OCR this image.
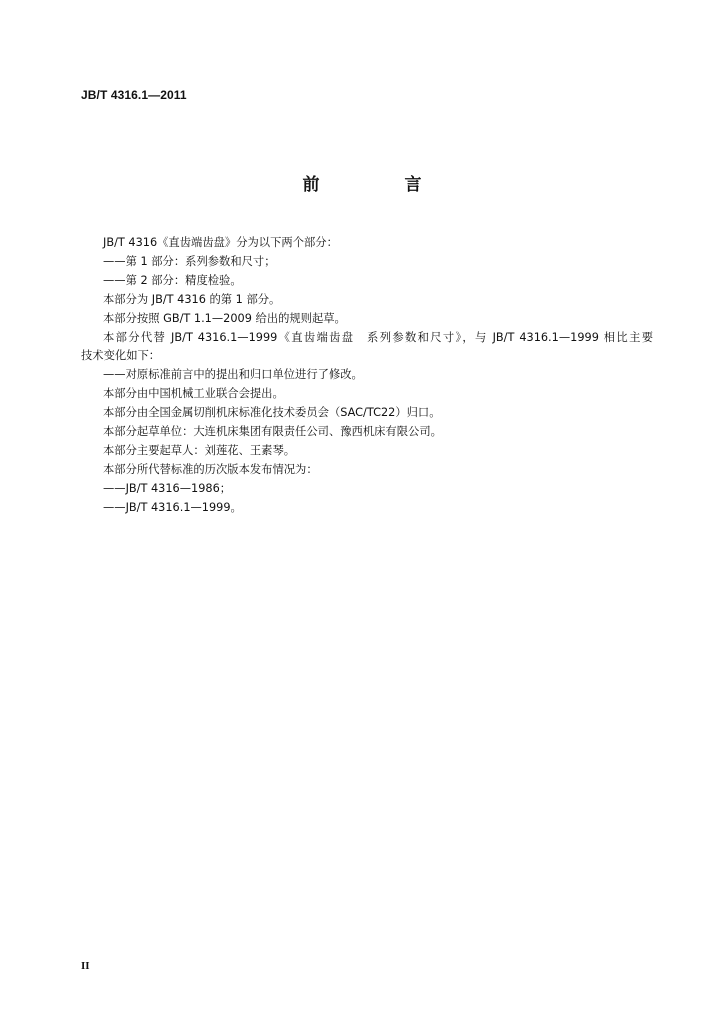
JB/T 4316.1—2011
前　言

JB/T 4316《直齿端齿盘》分为以下两个部分：

——第 1 部分：系列参数和尺寸；

——第 2 部分：精度检验。

本部分为 JB/T 4316 的第 1 部分。

本部分按照 GB/T 1.1—2009 给出的规则起草。

本部分代替 JB/T 4316.1—1999《直齿端齿盘　系列参数和尺寸》，与 JB/T 4316.1—1999 相比主要

技术变化如下：

——对原标准前言中的提出和归口单位进行了修改。

本部分由中国机械工业联合会提出。

本部分由全国金属切削机床标准化技术委员会（SAC/TC22）归口。

本部分起草单位：大连机床集团有限责任公司、豫西机床有限公司。

本部分主要起草人：刘莲花、王素琴。

本部分所代替标准的历次版本发布情况为：

——JB/T 4316—1986；

——JB/T 4316.1—1999。

II
